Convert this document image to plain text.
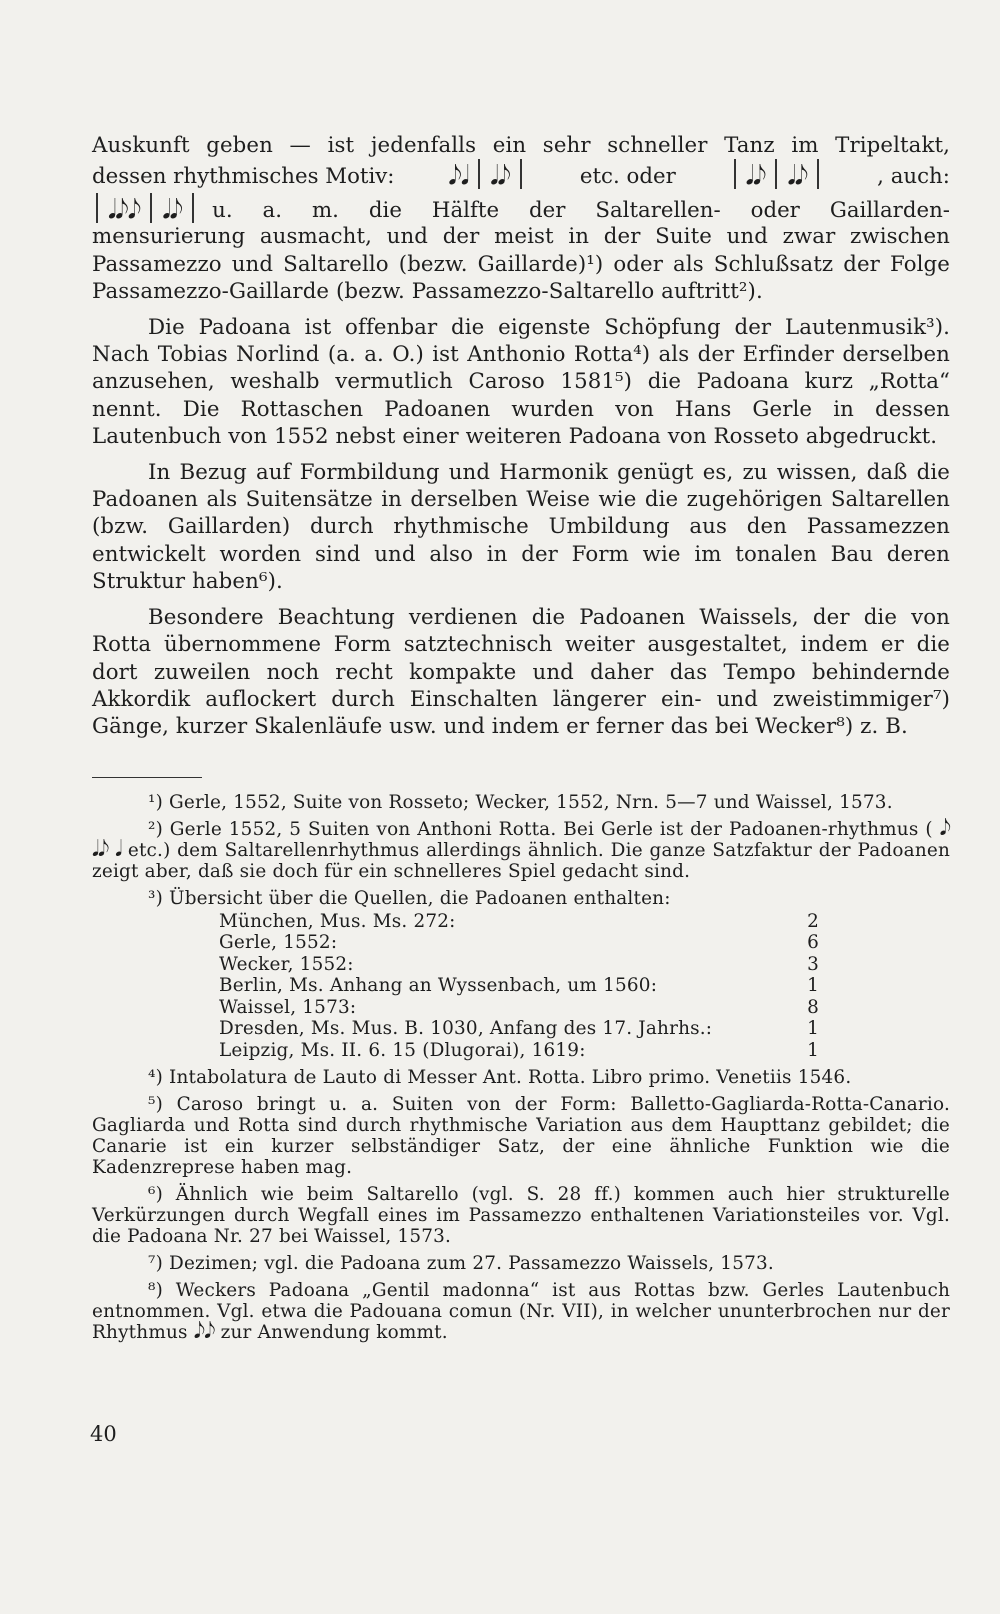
Auskunft geben — ist jedenfalls ein sehr schneller Tanz im Tripeltakt,

dessen rhythmisches Motiv: 𝅘𝅥𝅮𝅘𝅥 𝅘𝅥𝅘𝅥𝅮	etc. oder	𝅘𝅥𝅘𝅥𝅮 𝅘𝅥𝅘𝅥𝅮	, auch:
𝅘𝅥𝅘𝅥𝅮𝅘𝅥𝅮 𝅘𝅥𝅘𝅥𝅮 u. a. m. die Hälfte der Saltarellen- oder Gaillarden-

mensurierung ausmacht, und der meist in der Suite und zwar zwischen Passamezzo und Saltarello (bezw. Gaillarde)¹) oder als Schlußsatz der Folge Passamezzo-Gaillarde (bezw. Passamezzo-Saltarello auftritt²).

Die Padoana ist offenbar die eigenste Schöpfung der Lautenmusik³). Nach Tobias Norlind (a. a. O.) ist Anthonio Rotta⁴) als der Erfinder derselben anzusehen, weshalb vermutlich Caroso 1581⁵) die Padoana kurz „Rotta“ nennt. Die Rottaschen Padoanen wurden von Hans Gerle in dessen Lautenbuch von 1552 nebst einer weiteren Padoana von Rosseto abgedruckt.

In Bezug auf Formbildung und Harmonik genügt es, zu wissen, daß die Padoanen als Suitensätze in derselben Weise wie die zugehörigen Saltarellen (bzw. Gaillarden) durch rhythmische Umbildung aus den Passamezzen entwickelt worden sind und also in der Form wie im tonalen Bau deren Struktur haben⁶).

Besondere Beachtung verdienen die Padoanen Waissels, der die von Rotta übernommene Form satztechnisch weiter ausgestaltet, indem er die dort zuweilen noch recht kompakte und daher das Tempo behindernde Akkordik auflockert durch Einschalten längerer ein- und zweistimmiger⁷) Gänge, kurzer Skalenläufe usw. und indem er ferner das bei Wecker⁸) z. B.

¹) Gerle, 1552, Suite von Rosseto; Wecker, 1552, Nrn. 5—7 und Waissel, 1573.

²) Gerle 1552, 5 Suiten von Anthoni Rotta. Bei Gerle ist der Padoanen-rhythmus ( 𝅘𝅥𝅮 𝅘𝅥𝅘𝅥𝅮 𝅘𝅥 etc.) dem Saltarellenrhythmus allerdings ähnlich. Die ganze Satzfaktur der Padoanen zeigt aber, daß sie doch für ein schnelleres Spiel gedacht sind.

³) Übersicht über die Quellen, die Padoanen enthalten:

München, Mus. Ms. 272:	2
Gerle, 1552:	6
Wecker, 1552:	3
Berlin, Ms. Anhang an Wyssenbach, um 1560:	1
Waissel, 1573:	8
Dresden, Ms. Mus. B. 1030, Anfang des 17. Jahrhs.:	1
Leipzig, Ms. II. 6. 15 (Dlugorai), 1619:	1

⁴) Intabolatura de Lauto di Messer Ant. Rotta. Libro primo. Venetiis 1546.

⁵) Caroso bringt u. a. Suiten von der Form: Balletto-Gagliarda-Rotta-Canario. Gagliarda und Rotta sind durch rhythmische Variation aus dem Haupttanz gebildet; die Canarie ist ein kurzer selbständiger Satz, der eine ähnliche Funktion wie die Kadenzreprese haben mag.

⁶) Ähnlich wie beim Saltarello (vgl. S. 28 ff.) kommen auch hier strukturelle Verkürzungen durch Wegfall eines im Passamezzo enthaltenen Variationsteiles vor. Vgl. die Padoana Nr. 27 bei Waissel, 1573.

⁷) Dezimen; vgl. die Padoana zum 27. Passamezzo Waissels, 1573.

⁸) Weckers Padoana „Gentil madonna“ ist aus Rottas bzw. Gerles Lautenbuch entnommen. Vgl. etwa die Padouana comun (Nr. VII), in welcher ununterbrochen nur der Rhythmus 𝅘𝅥𝅮𝅘𝅥𝅮 zur Anwendung kommt.

40
